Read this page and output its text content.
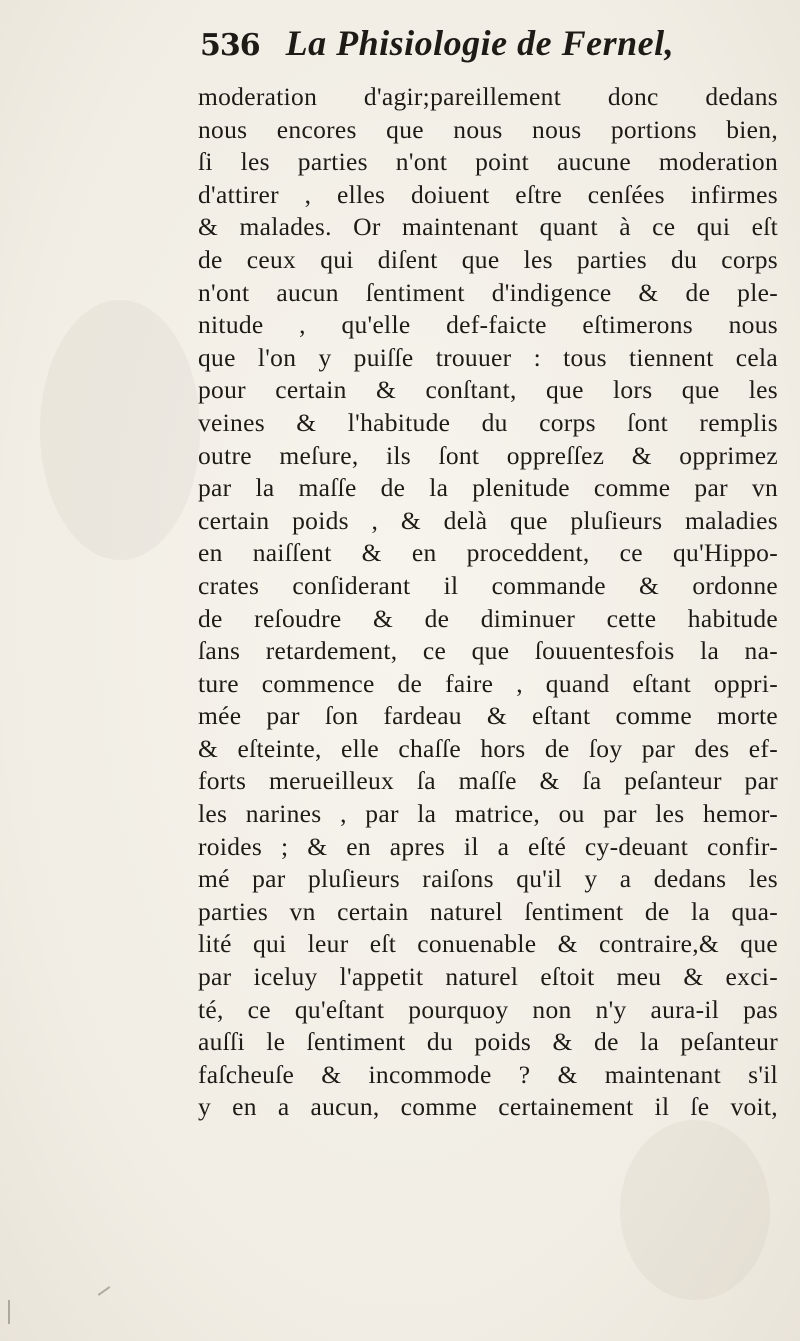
536 La Phisiologie de Fernel,
moderation d'agir;pareillement donc dedans
nous encores que nous nous portions bien,
ſi les parties n'ont point aucune moderation
d'attirer , elles doiuent eſtre cenſées infirmes
& malades. Or maintenant quant à ce qui eſt
de ceux qui diſent que les parties du corps
n'ont aucun ſentiment d'indigence & de ple-
nitude , qu'elle def-faicte eſtimerons nous
que l'on y puiſſe trouuer : tous tiennent cela
pour certain & conſtant, que lors que les
veines & l'habitude du corps ſont remplis
outre meſure, ils ſont oppreſſez & opprimez
par la maſſe de la plenitude comme par vn
certain poids , & delà que pluſieurs maladies
en naiſſent & en proceddent, ce qu'Hippo-
crates conſiderant il commande & ordonne
de reſoudre & de diminuer cette habitude
ſans retardement, ce que ſouuentesfois la na-
ture commence de faire , quand eſtant oppri-
mée par ſon fardeau & eſtant comme morte
& eſteinte, elle chaſſe hors de ſoy par des ef-
forts merueilleux ſa maſſe & ſa peſanteur par
les narines , par la matrice, ou par les hemor-
roides ; & en apres il a eſté cy-deuant confir-
mé par pluſieurs raiſons qu'il y a dedans les
parties vn certain naturel ſentiment de la qua-
lité qui leur eſt conuenable & contraire,& que
par iceluy l'appetit naturel eſtoit meu & exci-
té, ce qu'eſtant pourquoy non n'y aura-il pas
auſſi le ſentiment du poids & de la peſanteur
faſcheuſe & incommode ? & maintenant s'il
y en a aucun, comme certainement il ſe voit,
